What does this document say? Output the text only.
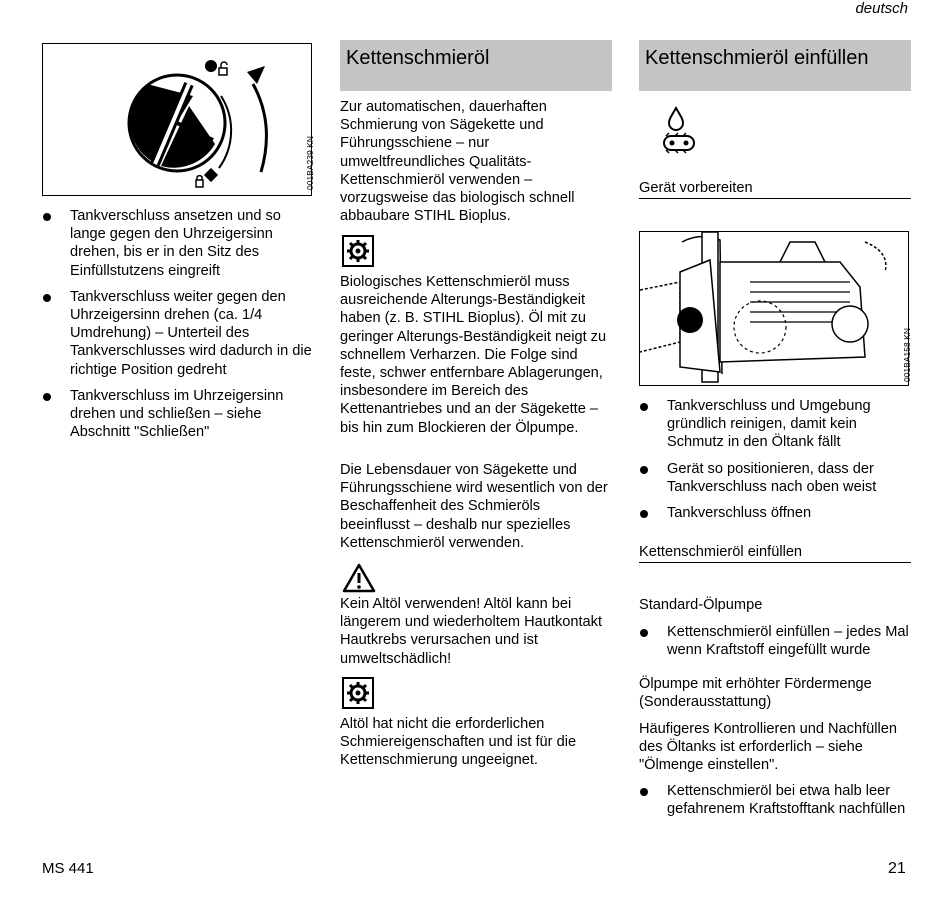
deutsch
001BA239 KN
Tankverschluss ansetzen und so lange gegen den Uhrzeigersinn drehen, bis er in den Sitz des Einfüllstutzens eingreift
Tankverschluss weiter gegen den Uhrzeigersinn drehen (ca. 1/4 Umdrehung) – Unterteil des Tankverschlusses wird dadurch in die richtige Position gedreht
Tankverschluss im Uhrzeigersinn drehen und schließen – siehe Abschnitt "Schließen"
Kettenschmieröl

Zur automatischen, dauerhaften Schmierung von Sägekette und Führungsschiene – nur umweltfreundliches Qualitäts-Kettenschmieröl verwenden – vorzugsweise das biologisch schnell abbaubare STIHL Bioplus.

Biologisches Kettenschmieröl muss ausreichende Alterungs-Beständigkeit haben (z. B. STIHL Bioplus). Öl mit zu geringer Alterungs-Beständigkeit neigt zu schnellem Verharzen. Die Folge sind feste, schwer entfernbare Ablagerungen, insbesondere im Bereich des Kettenantriebes und an der Sägekette – bis hin zum Blockieren der Ölpumpe.

Die Lebensdauer von Sägekette und Führungsschiene wird wesentlich von der Beschaffenheit des Schmieröls beeinflusst – deshalb nur spezielles Kettenschmieröl verwenden.

Kein Altöl verwenden! Altöl kann bei längerem und wiederholtem Hautkontakt Hautkrebs verursachen und ist umweltschädlich!

Altöl hat nicht die erforderlichen Schmiereigenschaften und ist für die Kettenschmierung ungeeignet.

Kettenschmieröl einfüllen
Gerät vorbereiten
001BA158 KN
Tankverschluss und Umgebung gründlich reinigen, damit kein Schmutz in den Öltank fällt
Gerät so positionieren, dass der Tankverschluss nach oben weist
Tankverschluss öffnen
Kettenschmieröl einfüllen
Standard-Ölpumpe
Kettenschmieröl einfüllen – jedes Mal wenn Kraftstoff eingefüllt wurde
Ölpumpe mit erhöhter Fördermenge (Sonderausstattung)

Häufigeres Kontrollieren und Nachfüllen des Öltanks ist erforderlich – siehe "Ölmenge einstellen".

Kettenschmieröl bei etwa halb leer gefahrenem Kraftstofftank nachfüllen
MS 441	21
